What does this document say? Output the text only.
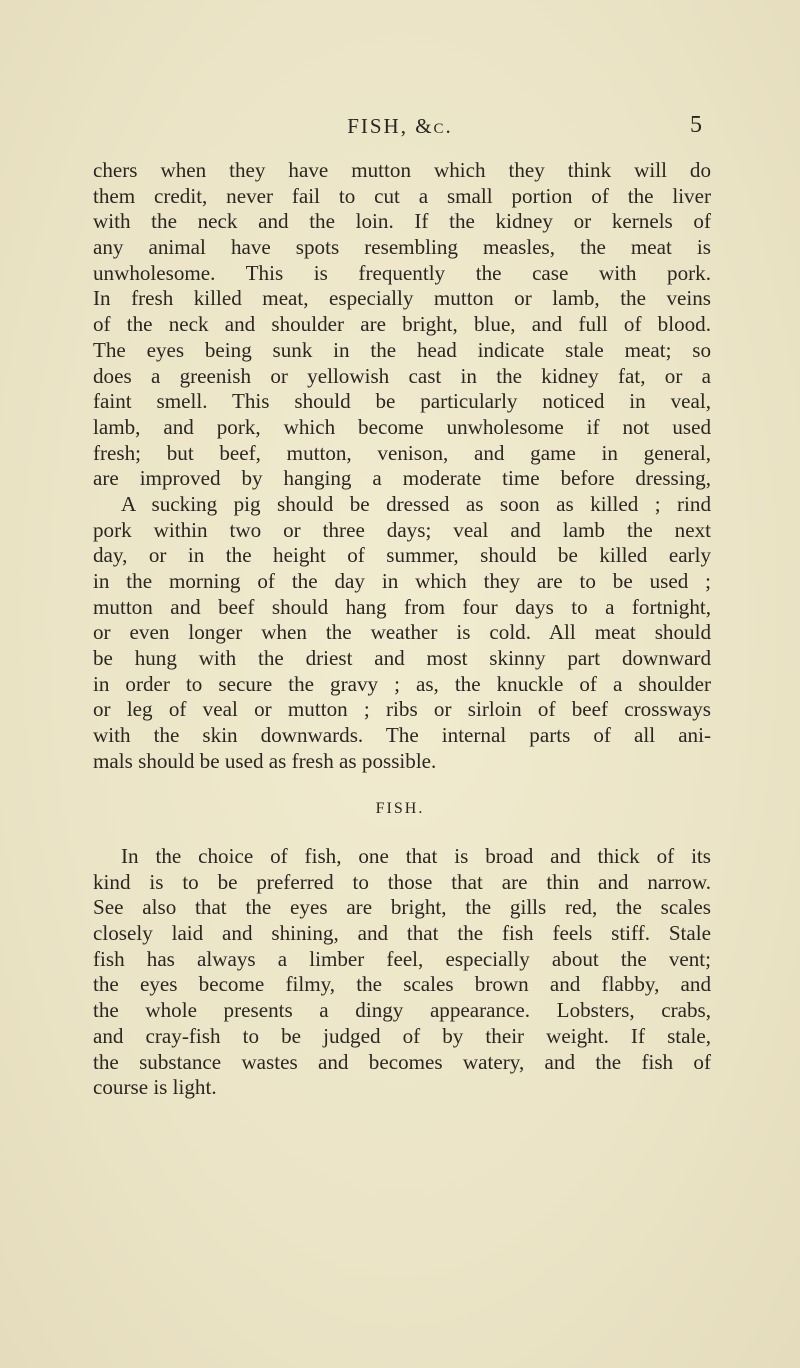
FISH, &c.	5
chers when they have mutton which they think will do
them credit, never fail to cut a small portion of the liver
with the neck and the loin. If the kidney or kernels of
any animal have spots resembling measles, the meat is
unwholesome. This is frequently the case with pork.
In fresh killed meat, especially mutton or lamb, the veins
of the neck and shoulder are bright, blue, and full of blood.
The eyes being sunk in the head indicate stale meat; so
does a greenish or yellowish cast in the kidney fat, or a
faint smell. This should be particularly noticed in veal,
lamb, and pork, which become unwholesome if not used
fresh; but beef, mutton, venison, and game in general,
are improved by hanging a moderate time before dressing,
A sucking pig should be dressed as soon as killed ; rind
pork within two or three days; veal and lamb the next
day, or in the height of summer, should be killed early
in the morning of the day in which they are to be used ;
mutton and beef should hang from four days to a fortnight,
or even longer when the weather is cold. All meat should
be hung with the driest and most skinny part downward
in order to secure the gravy ; as, the knuckle of a shoulder
or leg of veal or mutton ; ribs or sirloin of beef crossways
with the skin downwards. The internal parts of all ani-
mals should be used as fresh as possible.
FISH.
In the choice of fish, one that is broad and thick of its
kind is to be preferred to those that are thin and narrow.
See also that the eyes are bright, the gills red, the scales
closely laid and shining, and that the fish feels stiff. Stale
fish has always a limber feel, especially about the vent;
the eyes become filmy, the scales brown and flabby, and
the whole presents a dingy appearance. Lobsters, crabs,
and cray-fish to be judged of by their weight. If stale,
the substance wastes and becomes watery, and the fish of
course is light.
